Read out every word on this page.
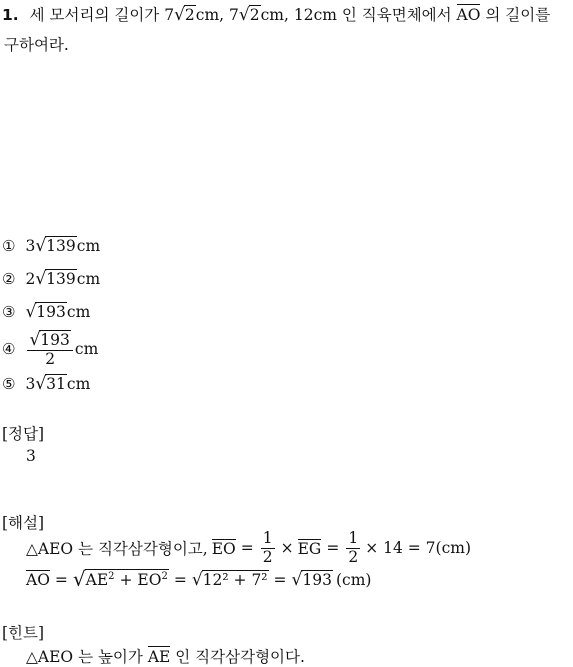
1. 세 모서리의 길이가 7 √ 2 cm, 7 √ 2 cm, 12cm 인 직육면체에서 AO 의 길이를
구하여라.
① 3 √ 139 cm
② 2 √ 139 cm
③ √ 193 cm
④ $\frac{√ 193}{2}$ cm
⑤ 3 √ 31 cm
[정답]
3
[해설]
△AEO 는 직각삼각형이고, EO = $\frac{1}{2}$ × EG = $\frac{1}{2} \times 14 = 7(cm)$
AO = √ $AE^2 + EO^2$ = √ 12² + 7² = √ 193 (cm)
[힌트]
△AEO 는 높이가 AE 인 직각삼각형이다.
